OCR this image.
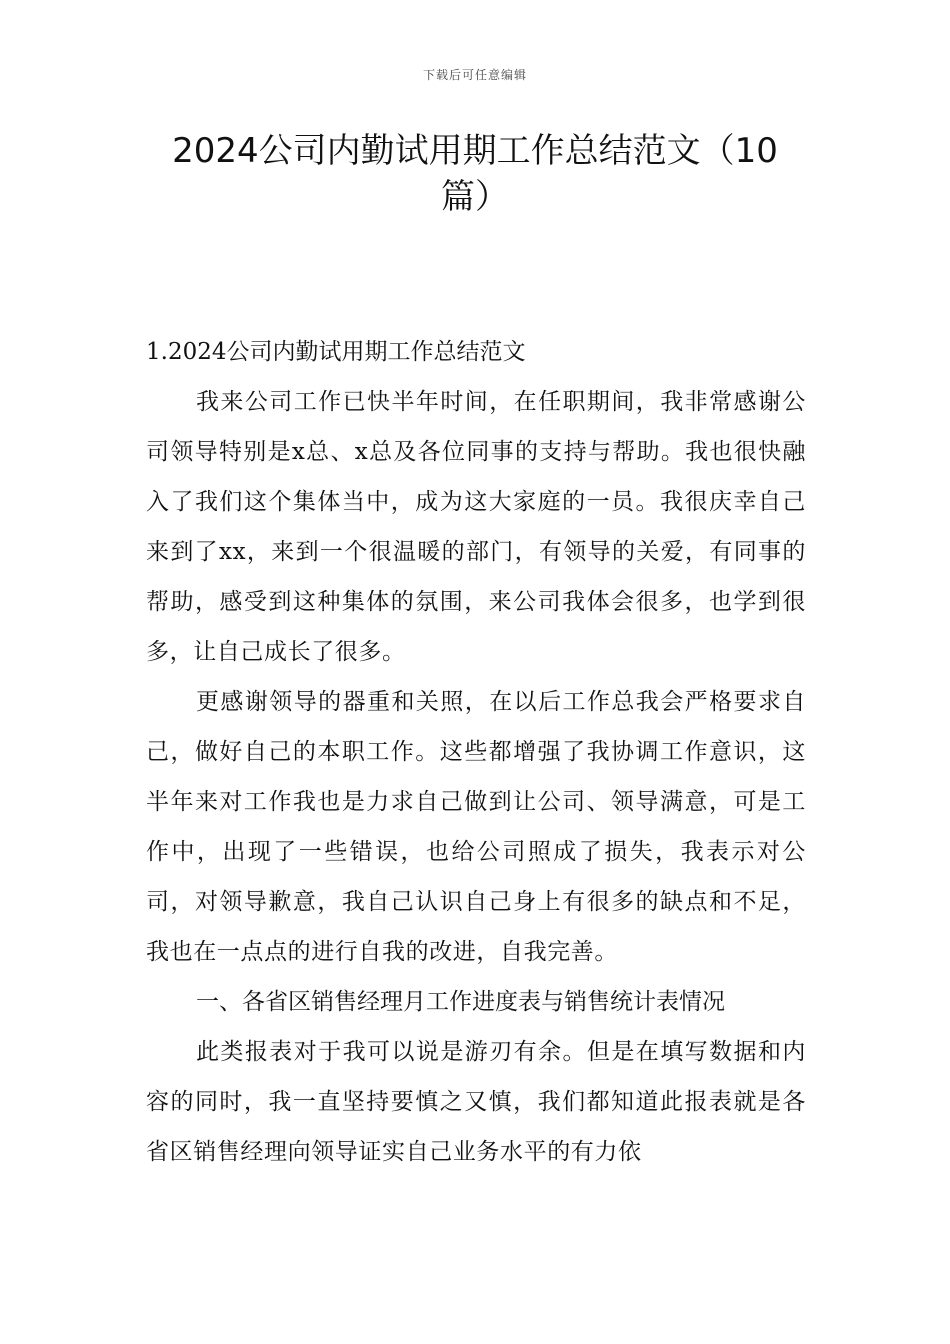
下载后可任意编辑
2024公司内勤试用期工作总结范文（10篇）

1.2024公司内勤试用期工作总结范文

我来公司工作已快半年时间，在任职期间，我非常感谢公司领导特别是x总、x总及各位同事的支持与帮助。我也很快融入了我们这个集体当中，成为这大家庭的一员。我很庆幸自己来到了xx，来到一个很温暖的部门，有领导的关爱，有同事的帮助，感受到这种集体的氛围，来公司我体会很多，也学到很多，让自己成长了很多。

更感谢领导的器重和关照，在以后工作总我会严格要求自己，做好自己的本职工作。这些都增强了我协调工作意识，这半年来对工作我也是力求自己做到让公司、领导满意，可是工作中，出现了一些错误，也给公司照成了损失，我表示对公司，对领导歉意，我自己认识自己身上有很多的缺点和不足，我也在一点点的进行自我的改进，自我完善。

一、各省区销售经理月工作进度表与销售统计表情况

此类报表对于我可以说是游刃有余。但是在填写数据和内容的同时，我一直坚持要慎之又慎，我们都知道此报表就是各省区销售经理向领导证实自己业务水平的有力依
